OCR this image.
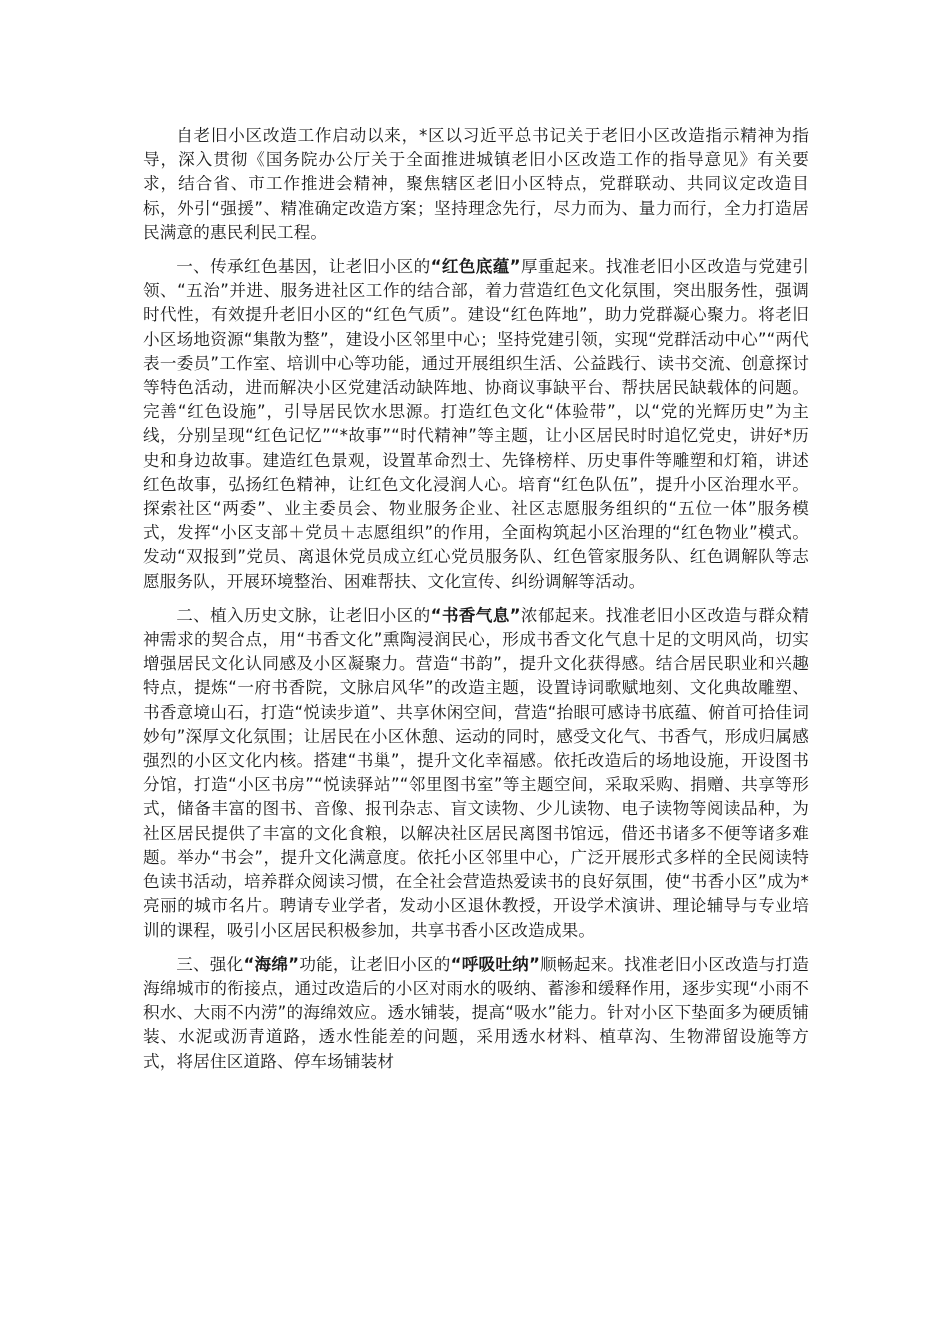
自老旧小区改造工作启动以来，*区以习近平总书记关于老旧小区改造指示精神为指导，深入贯彻《国务院办公厅关于全面推进城镇老旧小区改造工作的指导意见》有关要求，结合省、市工作推进会精神，聚焦辖区老旧小区特点，党群联动、共同议定改造目标，外引“强援”、精准确定改造方案；坚持理念先行，尽力而为、量力而行，全力打造居民满意的惠民利民工程。

一、传承红色基因，让老旧小区的“红色底蕴”厚重起来。找准老旧小区改造与党建引领、“五治”并进、服务进社区工作的结合部，着力营造红色文化氛围，突出服务性，强调时代性，有效提升老旧小区的“红色气质”。建设“红色阵地”，助力党群凝心聚力。将老旧小区场地资源“集散为整”，建设小区邻里中心；坚持党建引领，实现“党群活动中心”“两代表一委员”工作室、培训中心等功能，通过开展组织生活、公益践行、读书交流、创意探讨等特色活动，进而解决小区党建活动缺阵地、协商议事缺平台、帮扶居民缺载体的问题。完善“红色设施”，引导居民饮水思源。打造红色文化“体验带”，以“党的光辉历史”为主线，分别呈现“红色记忆”“*故事”“时代精神”等主题，让小区居民时时追忆党史，讲好*历史和身边故事。建造红色景观，设置革命烈士、先锋榜样、历史事件等雕塑和灯箱，讲述红色故事，弘扬红色精神，让红色文化浸润人心。培育“红色队伍”，提升小区治理水平。探索社区“两委”、业主委员会、物业服务企业、社区志愿服务组织的“五位一体”服务模式，发挥“小区支部＋党员＋志愿组织”的作用，全面构筑起小区治理的“红色物业”模式。发动“双报到”党员、离退休党员成立红心党员服务队、红色管家服务队、红色调解队等志愿服务队，开展环境整治、困难帮扶、文化宣传、纠纷调解等活动。

二、植入历史文脉，让老旧小区的“书香气息”浓郁起来。找准老旧小区改造与群众精神需求的契合点，用“书香文化”熏陶浸润民心，形成书香文化气息十足的文明风尚，切实增强居民文化认同感及小区凝聚力。营造“书韵”，提升文化获得感。结合居民职业和兴趣特点，提炼“一府书香院，文脉启风华”的改造主题，设置诗词歌赋地刻、文化典故雕塑、书香意境山石，打造“悦读步道”、共享休闲空间，营造“抬眼可感诗书底蕴、俯首可拾佳词妙句”深厚文化氛围；让居民在小区休憩、运动的同时，感受文化气、书香气，形成归属感强烈的小区文化内核。搭建“书巢”，提升文化幸福感。依托改造后的场地设施，开设图书分馆，打造“小区书房”“悦读驿站”“邻里图书室”等主题空间，采取采购、捐赠、共享等形式，储备丰富的图书、音像、报刊杂志、盲文读物、少儿读物、电子读物等阅读品种，为社区居民提供了丰富的文化食粮，以解决社区居民离图书馆远，借还书诸多不便等诸多难题。举办“书会”，提升文化满意度。依托小区邻里中心，广泛开展形式多样的全民阅读特色读书活动，培养群众阅读习惯，在全社会营造热爱读书的良好氛围，使“书香小区”成为*亮丽的城市名片。聘请专业学者，发动小区退休教授，开设学术演讲、理论辅导与专业培训的课程，吸引小区居民积极参加，共享书香小区改造成果。

三、强化“海绵”功能，让老旧小区的“呼吸吐纳”顺畅起来。找准老旧小区改造与打造海绵城市的衔接点，通过改造后的小区对雨水的吸纳、蓄渗和缓释作用，逐步实现“小雨不积水、大雨不内涝”的海绵效应。透水铺装，提高“吸水”能力。针对小区下垫面多为硬质铺装、水泥或沥青道路，透水性能差的问题，采用透水材料、植草沟、生物滞留设施等方式，将居住区道路、停车场铺装材
